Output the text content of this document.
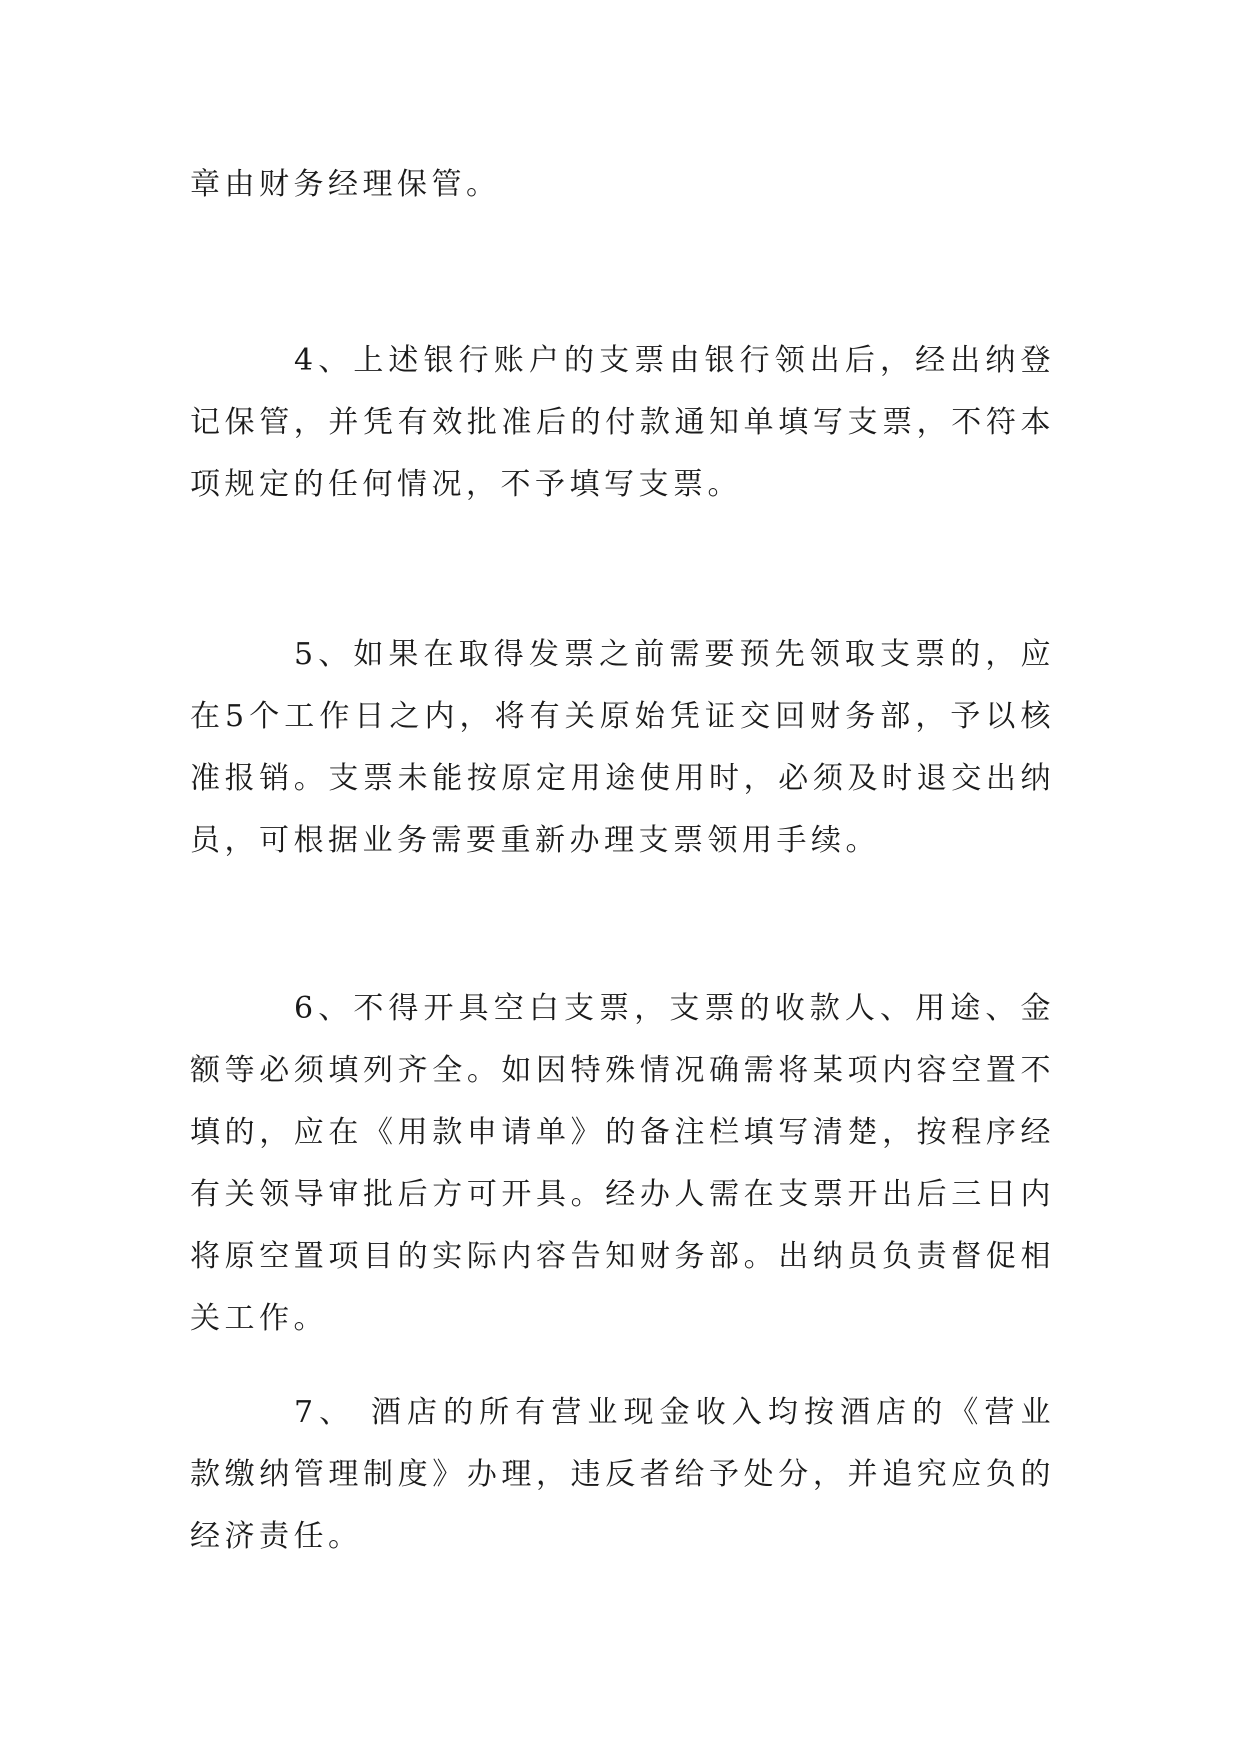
章由财务经理保管。

4、上述银行账户的支票由银行领出后，经出纳登记保管，并凭有效批准后的付款通知单填写支票，不符本项规定的任何情况，不予填写支票。

5、如果在取得发票之前需要预先领取支票的，应在5个工作日之内，将有关原始凭证交回财务部，予以核准报销。支票未能按原定用途使用时，必须及时退交出纳员，可根据业务需要重新办理支票领用手续。

6、不得开具空白支票，支票的收款人、用途、金额等必须填列齐全。如因特殊情况确需将某项内容空置不填的，应在《用款申请单》的备注栏填写清楚，按程序经有关领导审批后方可开具。经办人需在支票开出后三日内将原空置项目的实际内容告知财务部。出纳员负责督促相关工作。

7、 酒店的所有营业现金收入均按酒店的《营业款缴纳管理制度》办理，违反者给予处分，并追究应负的经济责任。
